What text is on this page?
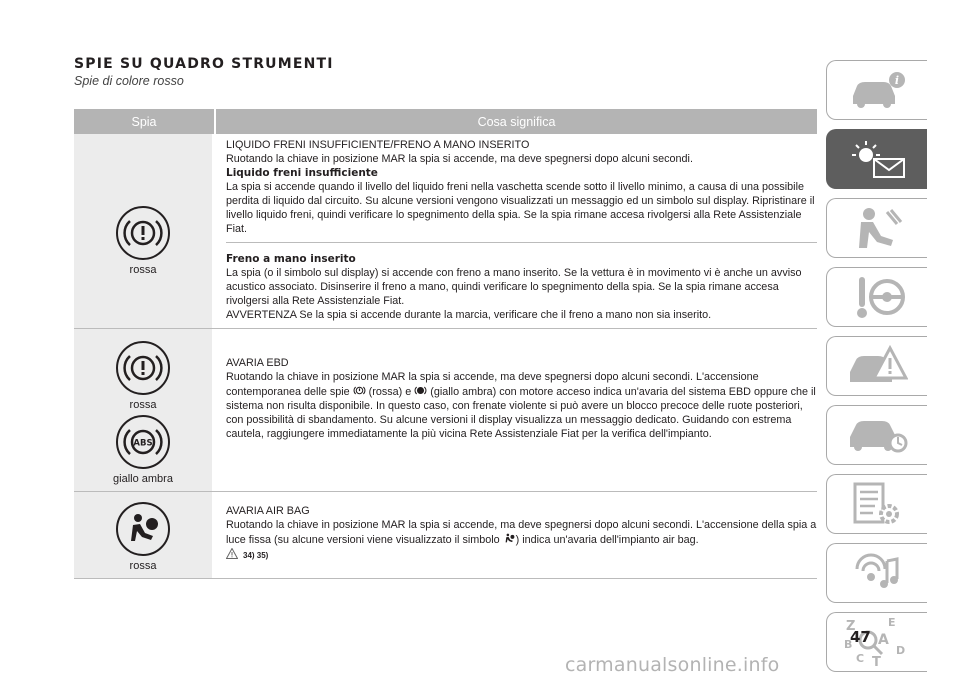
SPIE SU QUADRO STRUMENTI
Spie di colore rosso
Spia	Cosa significa
rossa

LIQUIDO FRENI INSUFFICIENTE/FRENO A MANO INSERITO

Ruotando la chiave in posizione MAR la spia si accende, ma deve spegnersi dopo alcuni secondi.

Liquido freni insufficiente

La spia si accende quando il livello del liquido freni nella vaschetta scende sotto il livello minimo, a causa di una possibile perdita di liquido dal circuito. Su alcune versioni vengono visualizzati un messaggio ed un simbolo sul display. Ripristinare il livello liquido freni, quindi verificare lo spegnimento della spia. Se la spia rimane accesa rivolgersi alla Rete Assistenziale Fiat.

Freno a mano inserito

La spia (o il simbolo sul display) si accende con freno a mano inserito. Se la vettura è in movimento vi è anche un avviso acustico associato. Disinserire il freno a mano, quindi verificare lo spegnimento della spia. Se la spia rimane accesa rivolgersi alla Rete Assistenziale Fiat.

AVVERTENZA Se la spia si accende durante la marcia, verificare che il freno a mano non sia inserito.

rossa
ABS
giallo ambra

AVARIA EBD

Ruotando la chiave in posizione MAR la spia si accende, ma deve spegnersi dopo alcuni secondi. L'accensione contemporanea delle spie (rossa) e (giallo ambra) con motore acceso indica un'avaria del sistema EBD oppure che il sistema non risulta disponibile. In questo caso, con frenate violente si può avere un blocco precoce delle ruote posteriori, con possibilità di sbandamento. Su alcune versioni il display visualizza un messaggio dedicato. Guidando con estrema cautela, raggiungere immediatamente la più vicina Rete Assistenziale Fiat per la verifica dell'impianto.

rossa

AVARIA AIR BAG

Ruotando la chiave in posizione MAR la spia si accende, ma deve spegnersi dopo alcuni secondi. L'accensione della spia a luce fissa (su alcune versioni viene visualizzato il simbolo ) indica un'avaria dell'impianto air bag.

34) 35)

i
Z	E
A
B
C T
D
47
carmanualsonline.info
